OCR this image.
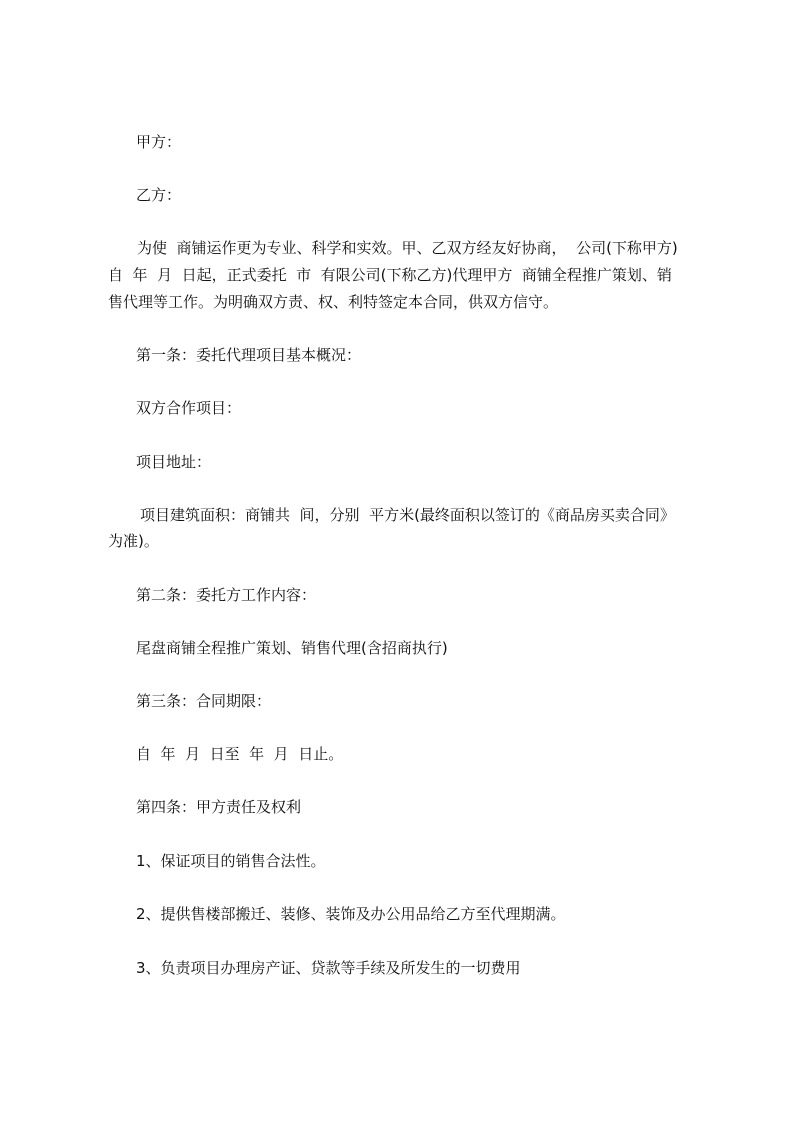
甲方：

乙方：

为使  商铺运作更为专业、科学和实效。甲、乙双方经友好协商，  公司(下称甲方)

自  年  月  日起，正式委托  市  有限公司(下称乙方)代理甲方  商铺全程推广策划、销

售代理等工作。为明确双方责、权、利特签定本合同，供双方信守。

第一条：委托代理项目基本概况：

双方合作项目：

项目地址：

项目建筑面积：商铺共  间，分别  平方米(最终面积以签订的《商品房买卖合同》

为准)。

第二条：委托方工作内容：

尾盘商铺全程推广策划、销售代理(含招商执行)

第三条：合同期限：

自  年  月  日至  年  月  日止。

第四条：甲方责任及权利

1、保证项目的销售合法性。

2、提供售楼部搬迁、装修、装饰及办公用品给乙方至代理期满。

3、负责项目办理房产证、贷款等手续及所发生的一切费用
